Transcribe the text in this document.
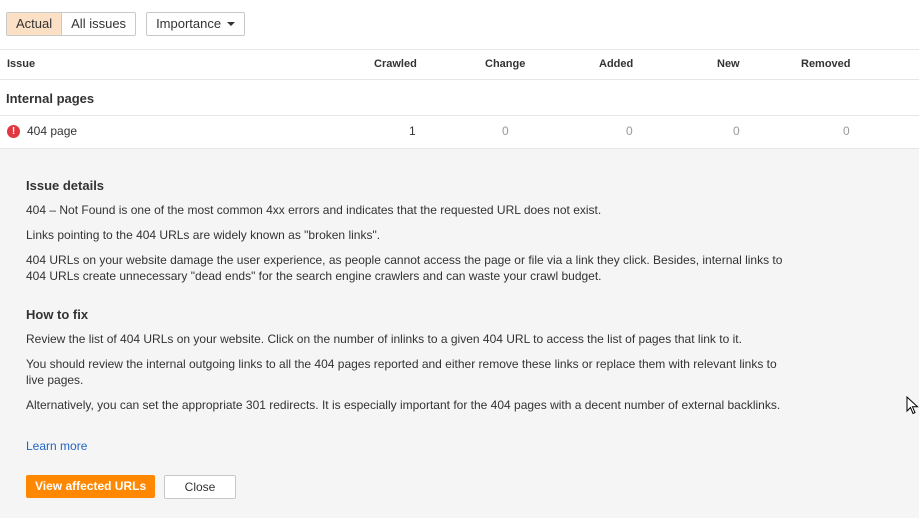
Actual	All issues	Importance
Issue	Crawled	Change	Added	New	Removed
Internal pages
! 404 page	1	0	0	0	0
Issue details

404 – Not Found is one of the most common 4xx errors and indicates that the requested URL does not exist.

Links pointing to the 404 URLs are widely known as "broken links".

404 URLs on your website damage the user experience, as people cannot access the page or file via a link they click. Besides, internal links to 404 URLs create unnecessary "dead ends" for the search engine crawlers and can waste your crawl budget.

How to fix

Review the list of 404 URLs on your website. Click on the number of inlinks to a given 404 URL to access the list of pages that link to it.

You should review the internal outgoing links to all the 404 pages reported and either remove these links or replace them with relevant links to live pages.

Alternatively, you can set the appropriate 301 redirects. It is especially important for the 404 pages with a decent number of external backlinks.

Learn more
View affected URLs	Close
